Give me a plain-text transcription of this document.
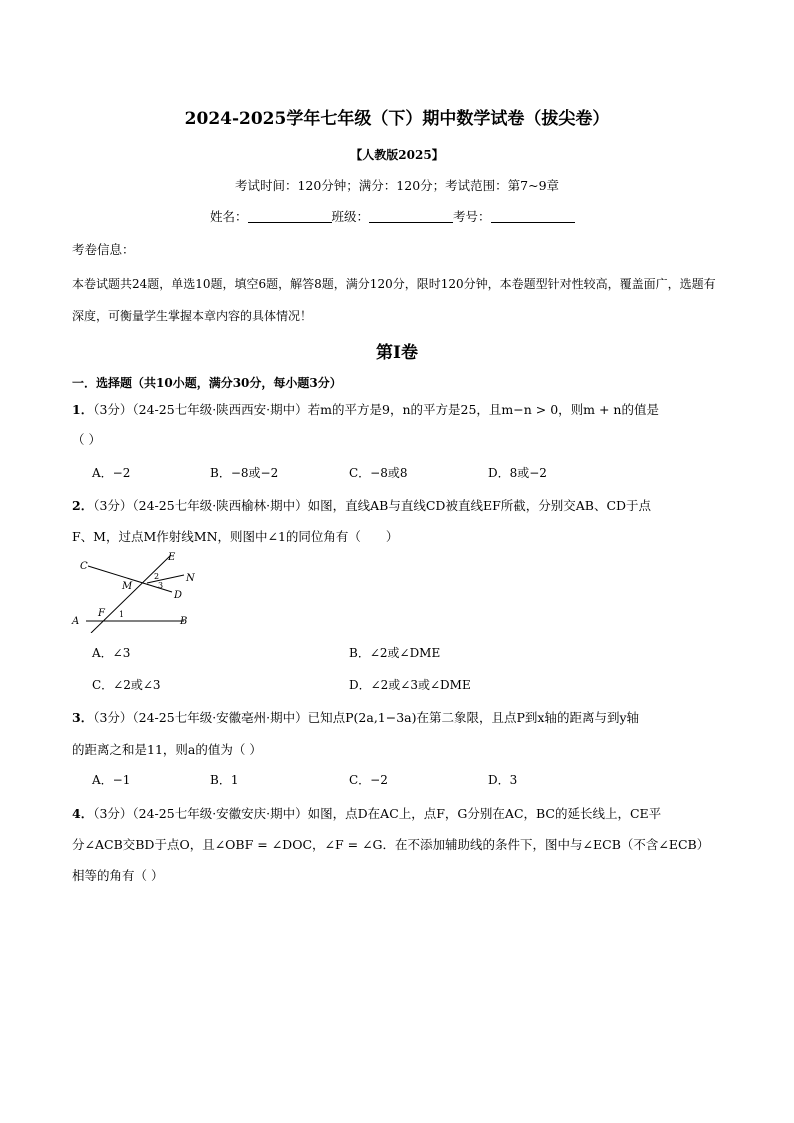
2024-2025学年七年级（下）期中数学试卷（拔尖卷）
【人教版2025】
考试时间：120分钟；满分：120分；考试范围：第7~9章
姓名：	班级：	考号：
考卷信息：
本卷试题共24题，单选10题，填空6题，解答8题，满分120分，限时120分钟，本卷题型针对性较高，覆盖面广，选题有深度，可衡量学生掌握本章内容的具体情况！
第I卷
一．选择题（共10小题，满分30分，每小题3分）
1．（3分）（24-25七年级·陕西西安·期中）若m的平方是9，n的平方是25，且m−n > 0，则m + n的值是
（ ）
A．−2	B．−8或−2	C．−8或8	D．8或−2
2．（3分）（24-25七年级·陕西榆林·期中）如图，直线AB与直线CD被直线EF所截，分别交AB、CD于点
F、M，过点M作射线MN，则图中∠1的同位角有（　　）
C
E
N
M
2
3
D
F 1
A	B
A．∠3	B．∠2或∠DME
C．∠2或∠3	D．∠2或∠3或∠DME
3．（3分）（24-25七年级·安徽亳州·期中）已知点P(2a,1−3a)在第二象限，且点P到x轴的距离与到y轴
的距离之和是11，则a的值为（ ）
A．−1	B．1	C．−2	D．3
4．（3分）（24-25七年级·安徽安庆·期中）如图，点D在AC上，点F，G分别在AC，BC的延长线上，CE平
分∠ACB交BD于点O，且∠OBF = ∠DOC，∠F = ∠G．在不添加辅助线的条件下，图中与∠ECB（不含∠ECB）
相等的角有（ ）
